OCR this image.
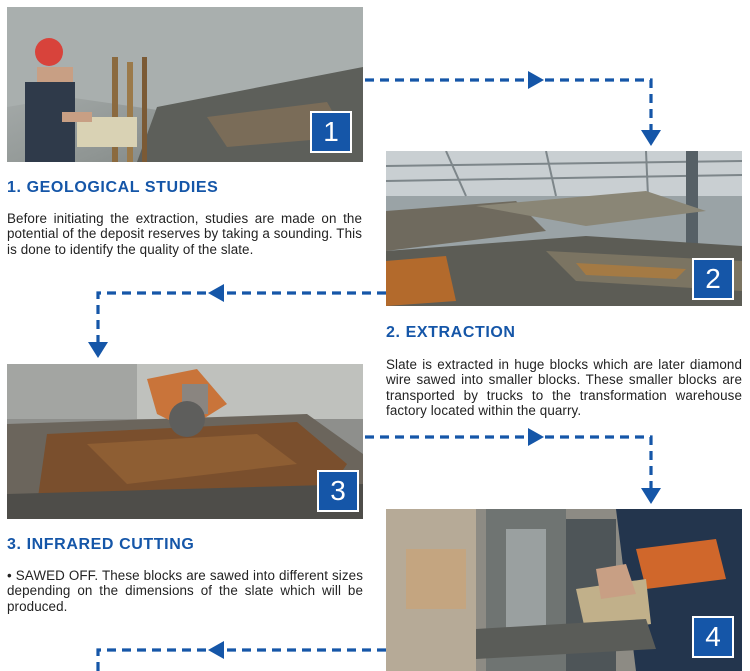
1
1. GEOLOGICAL STUDIES

Before initiating the extraction, studies are made on the potential of the deposit reserves by taking a sounding. This is done to identify the quality of the slate.

2
2. EXTRACTION

Slate is extracted in huge blocks which are later diamond wire sawed into smaller blocks. These smaller blocks are transported by trucks to the transformation warehouse factory located within the quarry.

3
3. INFRARED CUTTING

• SAWED OFF. These blocks are sawed into different sizes depending on the dimensions of the slate which will be produced.

4
